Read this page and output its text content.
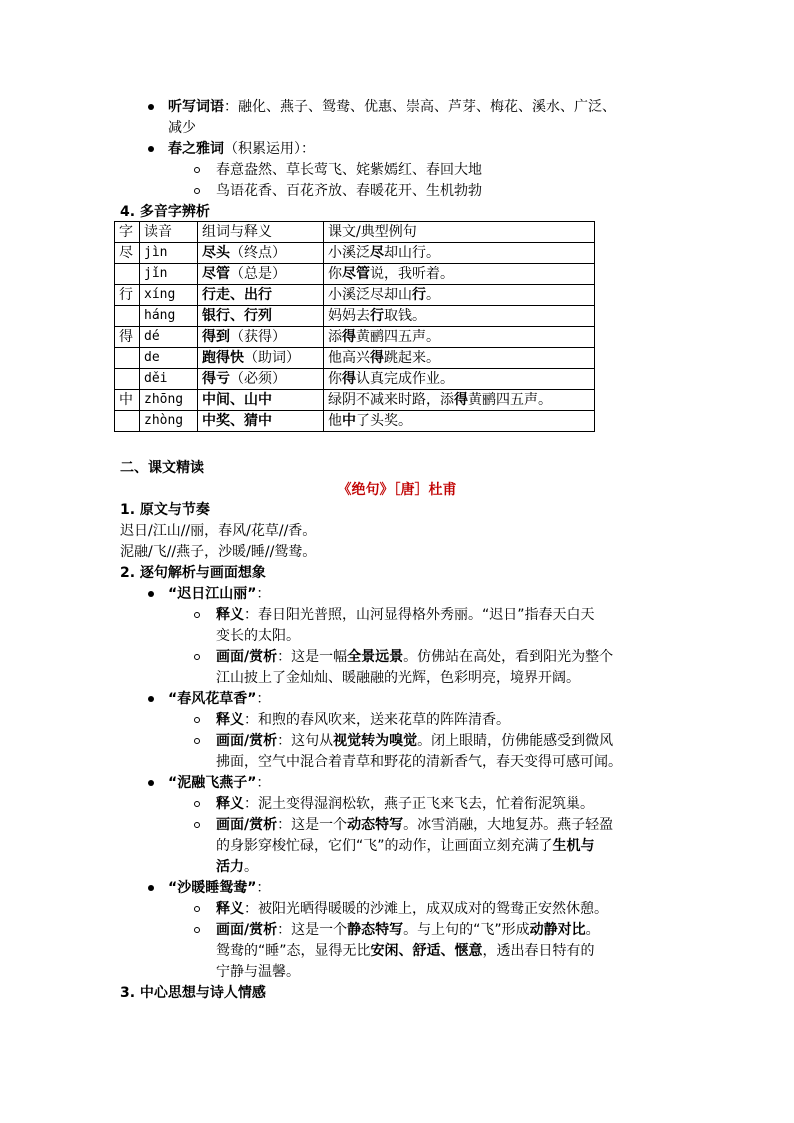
听写词语：融化、燕子、鸳鸯、优惠、崇高、芦芽、梅花、溪水、广泛、
减少
春之雅词（积累运用）：
春意盎然、草长莺飞、姹紫嫣红、春回大地
鸟语花香、百花齐放、春暖花开、生机勃勃
4. 多音字辨析
字	读音	组词与释义	课文/典型例句
尽	jìn	尽头（终点）	小溪泛尽却山行。
	jǐn	尽管（总是）	你尽管说，我听着。
行	xíng	行走、出行	小溪泛尽却山行。
	háng	银行、行列	妈妈去行取钱。
得	dé	得到（获得）	添得黄鹂四五声。
	de	跑得快（助词）	他高兴得跳起来。
	děi	得亏（必须）	你得认真完成作业。
中	zhōng	中间、山中	绿阴不减来时路，添得黄鹂四五声。
	zhòng	中奖、猜中	他中了头奖。
二、课文精读
《绝句》［唐］杜甫
1. 原文与节奏
迟日/江山//丽，春风/花草//香。
泥融/飞//燕子，沙暖/睡//鸳鸯。
2. 逐句解析与画面想象
“迟日江山丽”：
释义：春日阳光普照，山河显得格外秀丽。“迟日”指春天白天
变长的太阳。
画面/赏析：这是一幅全景远景。仿佛站在高处，看到阳光为整个
江山披上了金灿灿、暖融融的光辉，色彩明亮，境界开阔。
“春风花草香”：
释义：和煦的春风吹来，送来花草的阵阵清香。
画面/赏析：这句从视觉转为嗅觉。闭上眼睛，仿佛能感受到微风
拂面，空气中混合着青草和野花的清新香气，春天变得可感可闻。
“泥融飞燕子”：
释义：泥土变得湿润松软，燕子正飞来飞去，忙着衔泥筑巢。
画面/赏析：这是一个动态特写。冰雪消融，大地复苏。燕子轻盈
的身影穿梭忙碌，它们“飞”的动作，让画面立刻充满了生机与
活力。
“沙暖睡鸳鸯”：
释义：被阳光晒得暖暖的沙滩上，成双成对的鸳鸯正安然休憩。
画面/赏析：这是一个静态特写。与上句的“飞”形成动静对比。
鸳鸯的“睡”态，显得无比安闲、舒适、惬意，透出春日特有的
宁静与温馨。
3. 中心思想与诗人情感
